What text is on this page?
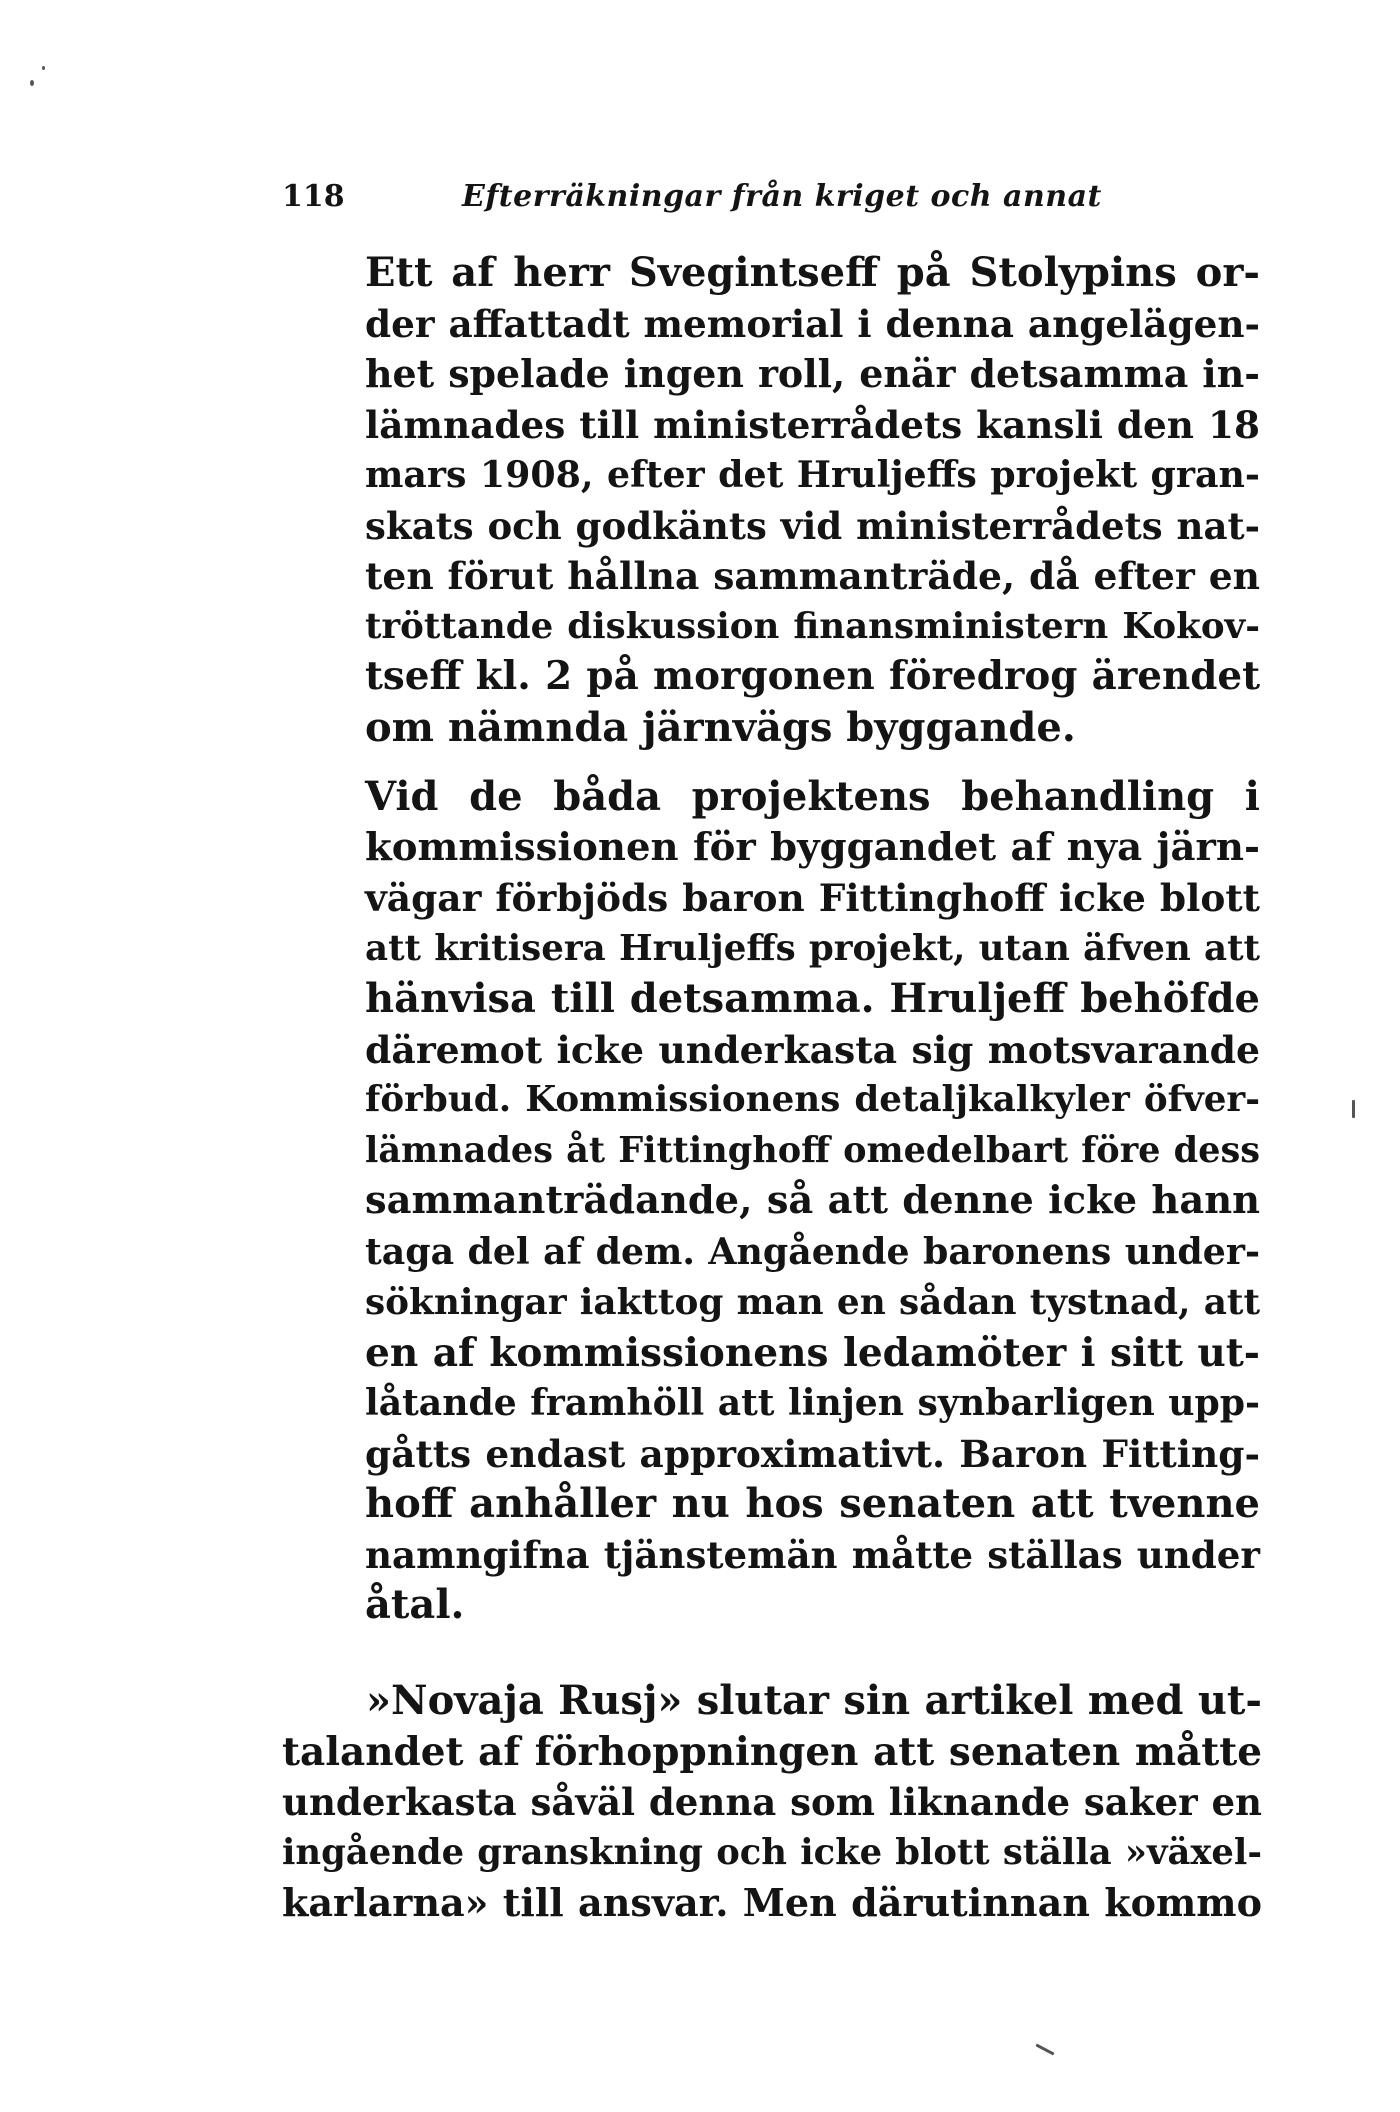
118	Efterräkningar från kriget och annat
Ett af herr Svegintseff på Stolypins or-
der affattadt memorial i denna angelägen-
het spelade ingen roll, enär detsamma in-
lämnades till ministerrådets kansli den 18
mars 1908, efter det Hruljeffs projekt gran-
skats och godkänts vid ministerrådets nat-
ten förut hållna sammanträde, då efter en
tröttande diskussion finansministern Kokov-
tseff kl. 2 på morgonen föredrog ärendet
om nämnda järnvägs byggande.
Vid de båda projektens behandling i
kommissionen för byggandet af nya järn-
vägar förbjöds baron Fittinghoff icke blott
att kritisera Hruljeffs projekt, utan äfven att
hänvisa till detsamma. Hruljeff behöfde
däremot icke underkasta sig motsvarande
förbud. Kommissionens detaljkalkyler öfver-
lämnades åt Fittinghoff omedelbart före dess
sammanträdande, så att denne icke hann
taga del af dem. Angående baronens under-
sökningar iakttog man en sådan tystnad, att
en af kommissionens ledamöter i sitt ut-
låtande framhöll att linjen synbarligen upp-
gåtts endast approximativt. Baron Fitting-
hoff anhåller nu hos senaten att tvenne
namngifna tjänstemän måtte ställas under
åtal.
»Novaja Rusj» slutar sin artikel med ut-
talandet af förhoppningen att senaten måtte
underkasta såväl denna som liknande saker en
ingående granskning och icke blott ställa »växel-
karlarna» till ansvar. Men därutinnan kommo
